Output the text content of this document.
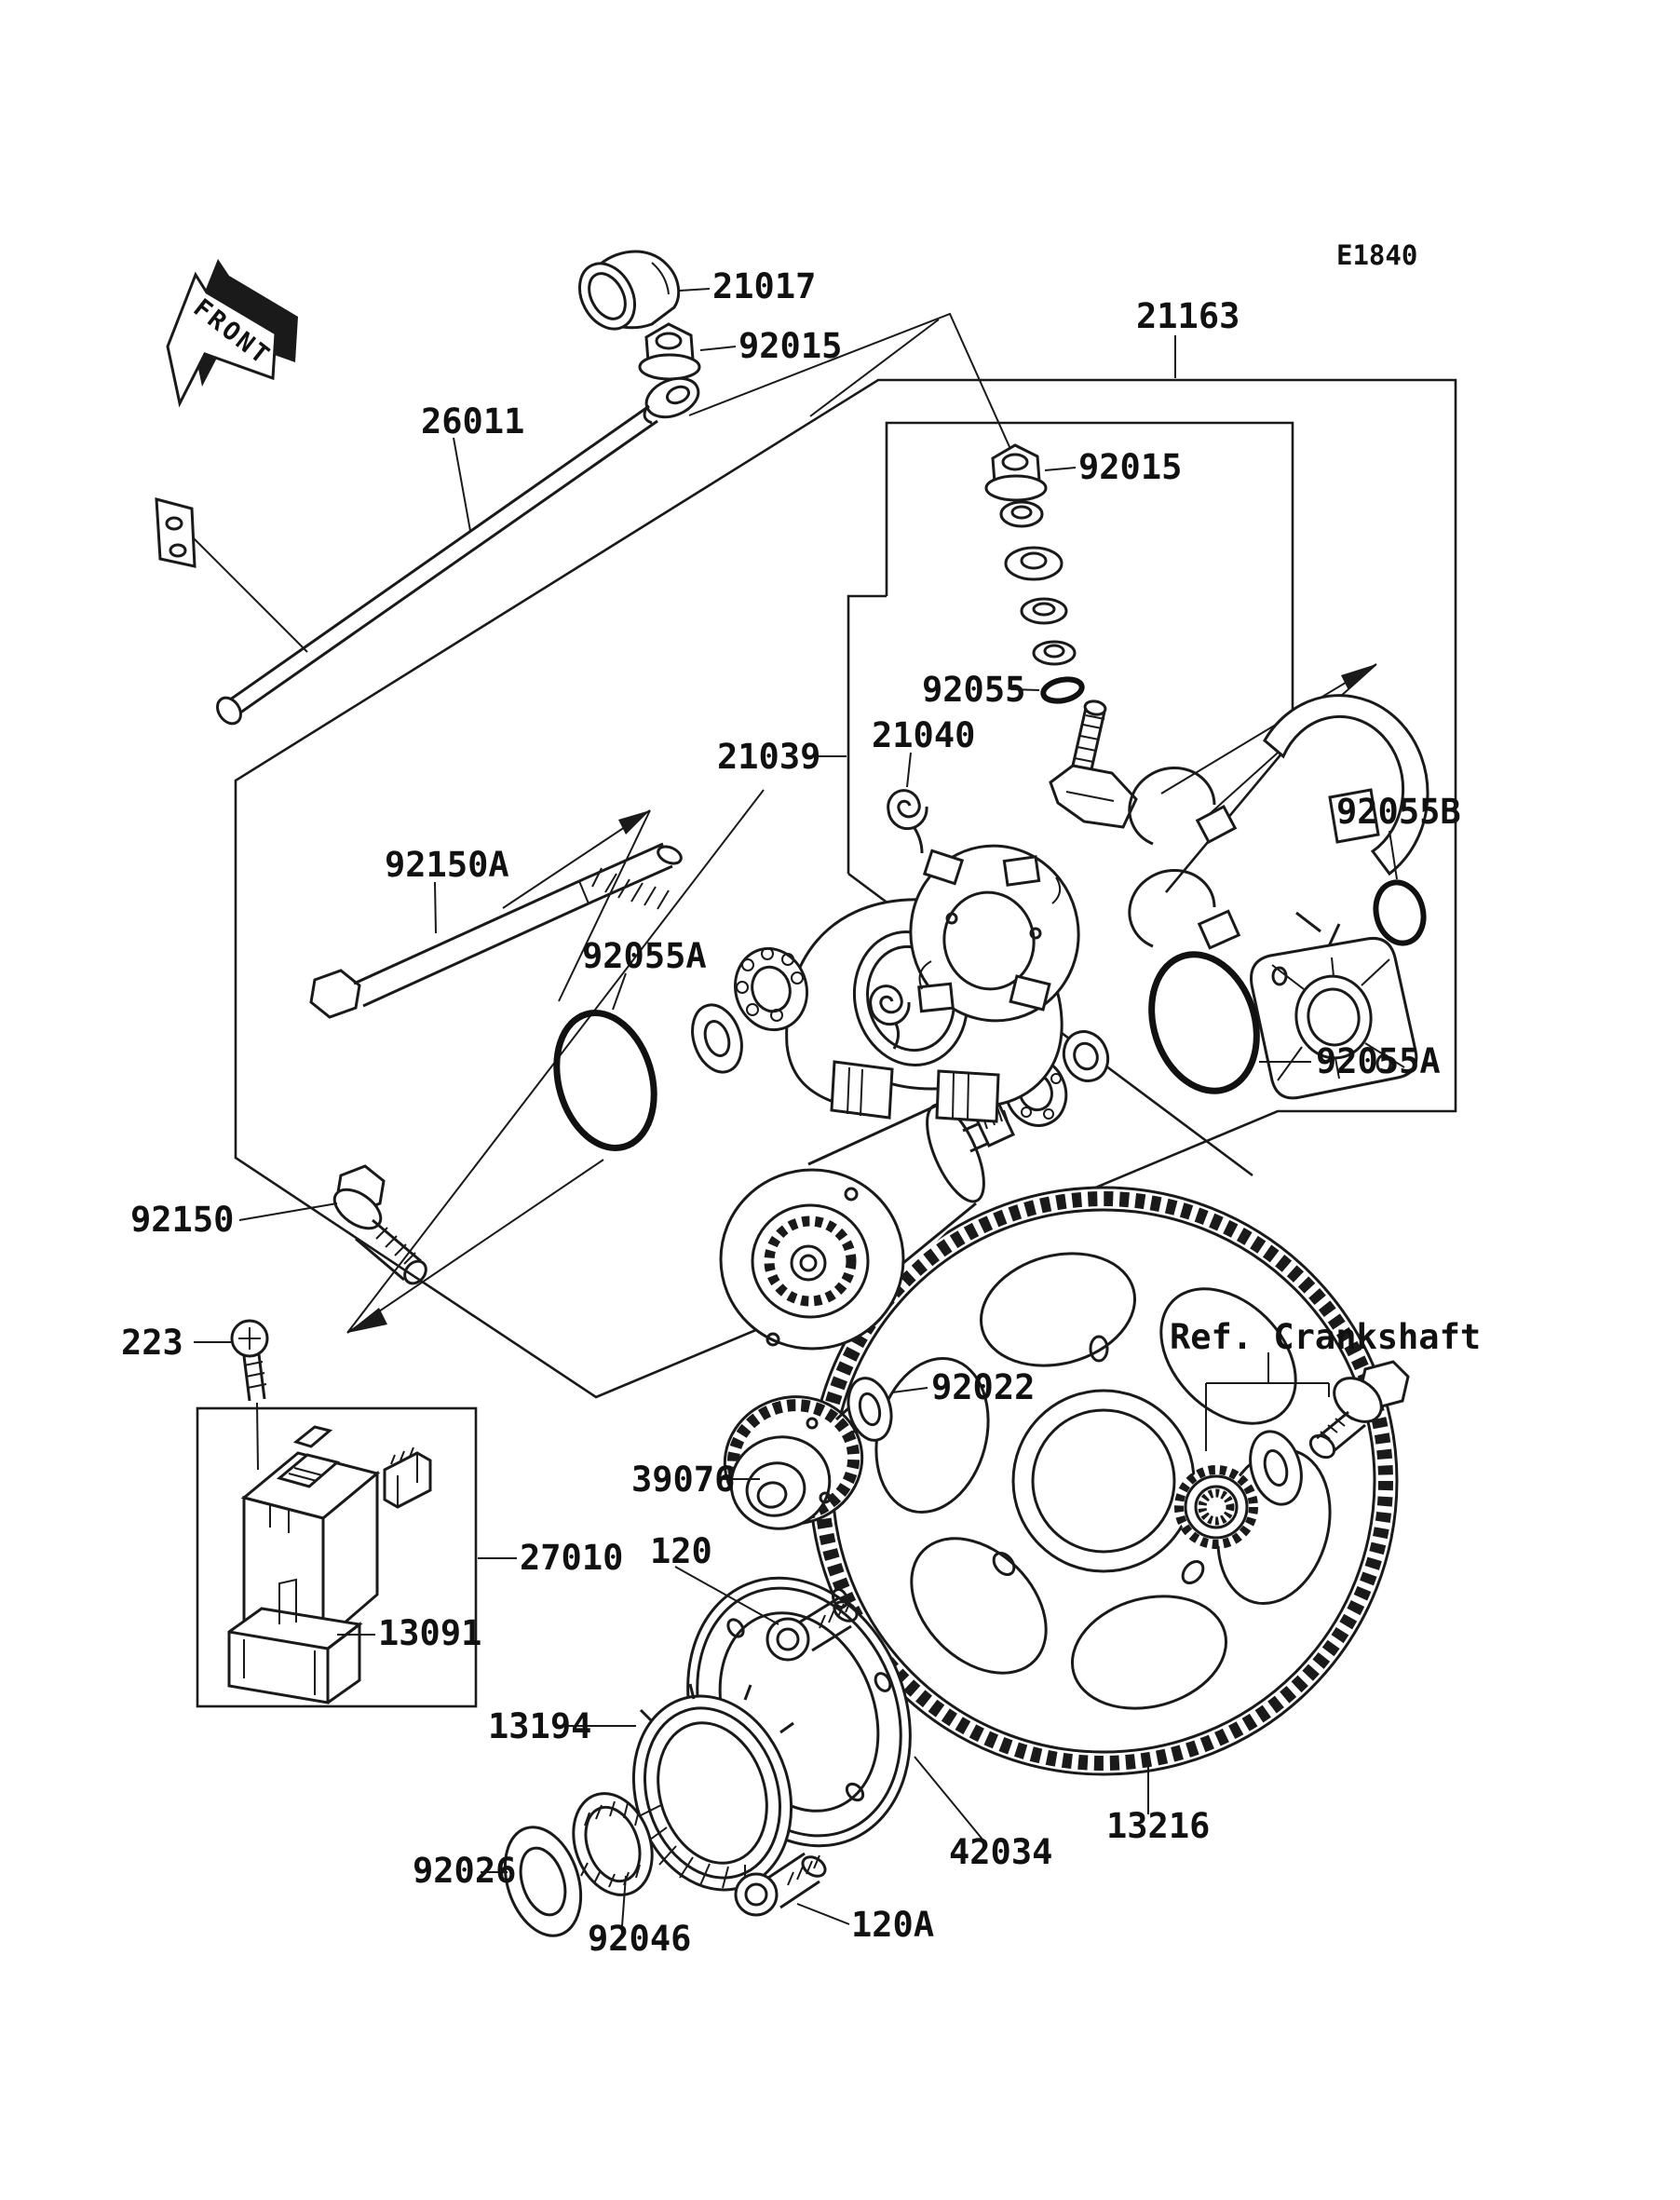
FRONT
E1840
21017
92015
26011
21163
92015
92055
21040
21039
92150A
92055A
92055B
92055A
92150
223
27010
13091
92022
39076
120
Ref. Crankshaft
13194
92026
92046	120A
42034
13216
